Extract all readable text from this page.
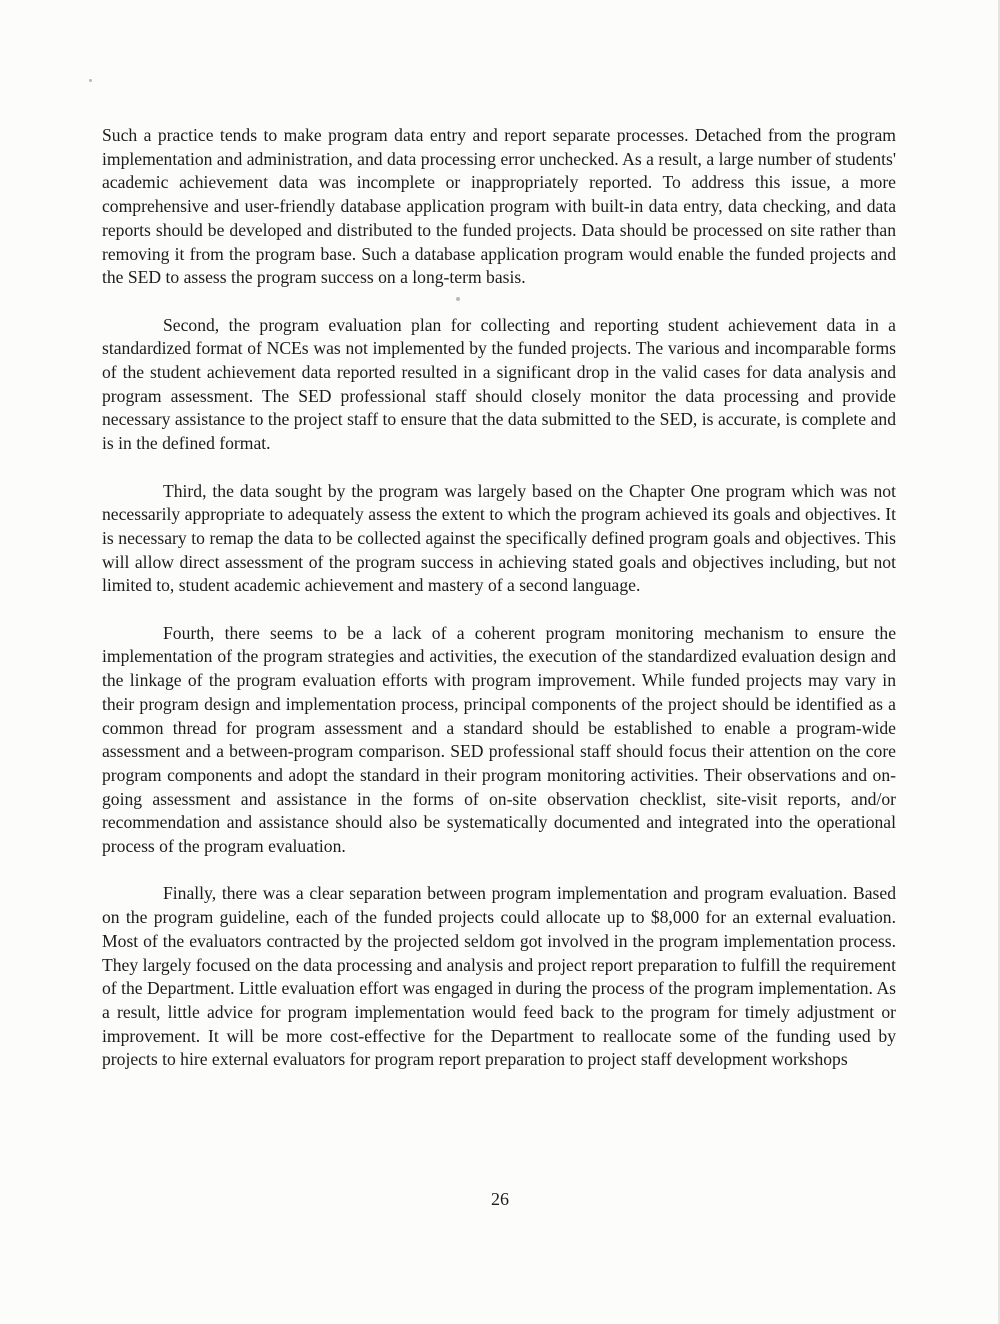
Such a practice tends to make program data entry and report separate processes. Detached from the program implementation and administration, and data processing error unchecked. As a result, a large number of students' academic achievement data was incomplete or inappropriately reported. To address this issue, a more comprehensive and user-friendly database application program with built-in data entry, data checking, and data reports should be developed and distributed to the funded projects. Data should be processed on site rather than removing it from the program base. Such a database application program would enable the funded projects and the SED to assess the program success on a long-term basis.

Second, the program evaluation plan for collecting and reporting student achievement data in a standardized format of NCEs was not implemented by the funded projects. The various and incomparable forms of the student achievement data reported resulted in a significant drop in the valid cases for data analysis and program assessment. The SED professional staff should closely monitor the data processing and provide necessary assistance to the project staff to ensure that the data submitted to the SED, is accurate, is complete and is in the defined format.

Third, the data sought by the program was largely based on the Chapter One program which was not necessarily appropriate to adequately assess the extent to which the program achieved its goals and objectives. It is necessary to remap the data to be collected against the specifically defined program goals and objectives. This will allow direct assessment of the program success in achieving stated goals and objectives including, but not limited to, student academic achievement and mastery of a second language.

Fourth, there seems to be a lack of a coherent program monitoring mechanism to ensure the implementation of the program strategies and activities, the execution of the standardized evaluation design and the linkage of the program evaluation efforts with program improvement. While funded projects may vary in their program design and implementation process, principal components of the project should be identified as a common thread for program assessment and a standard should be established to enable a program-wide assessment and a between-program comparison. SED professional staff should focus their attention on the core program components and adopt the standard in their program monitoring activities. Their observations and on-going assessment and assistance in the forms of on-site observation checklist, site-visit reports, and/or recommendation and assistance should also be systematically documented and integrated into the operational process of the program evaluation.

Finally, there was a clear separation between program implementation and program evaluation. Based on the program guideline, each of the funded projects could allocate up to $8,000 for an external evaluation. Most of the evaluators contracted by the projected seldom got involved in the program implementation process. They largely focused on the data processing and analysis and project report preparation to fulfill the requirement of the Department. Little evaluation effort was engaged in during the process of the program implementation. As a result, little advice for program implementation would feed back to the program for timely adjustment or improvement. It will be more cost-effective for the Department to reallocate some of the funding used by projects to hire external evaluators for program report preparation to project staff development workshops

26
